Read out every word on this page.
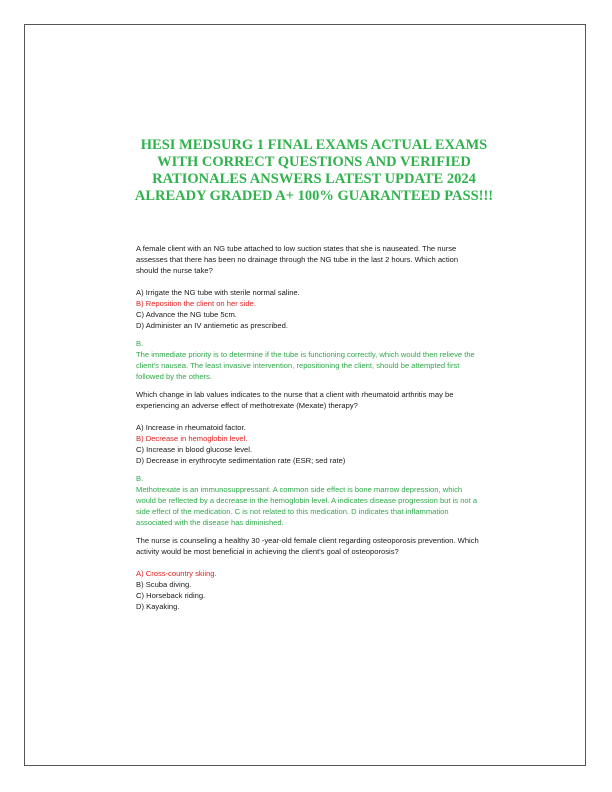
HESI MEDSURG 1 FINAL EXAMS ACTUAL EXAMS WITH CORRECT QUESTIONS AND VERIFIED RATIONALES ANSWERS LATEST UPDATE 2024 ALREADY GRADED A+ 100% GUARANTEED PASS!!!

A female client with an NG tube attached to low suction states that she is nauseated. The nurse assesses that there has been no drainage through the NG tube in the last 2 hours. Which action should the nurse take?

A) Irrigate the NG tube with sterile normal saline.
B) Reposition the client on her side.
C) Advance the NG tube 5cm.
D) Administer an IV antiemetic as prescribed.

B.

The immediate priority is to determine if the tube is functioning correctly, which would then relieve the client's nausea. The least invasive intervention, repositioning the client, should be attempted first followed by the others.

Which change in lab values indicates to the nurse that a client with rheumatoid arthritis may be experiencing an adverse effect of methotrexate (Mexate) therapy?

A) Increase in rheumatoid factor.
B) Decrease in hemoglobin level.
C) Increase in blood glucose level.
D) Decrease in erythrocyte sedimentation rate (ESR; sed rate)

B.

Methotrexate is an immunosuppressant. A common side effect is bone marrow depression, which would be reflected by a decrease in the hemoglobin level. A indicates disease progression but is not a side effect of the medication. C is not related to this medication. D indicates that inflammation associated with the disease has diminished.

The nurse is counseling a healthy 30 -year-old female client regarding osteoporosis prevention. Which activity would be most beneficial in achieving the client's goal of osteoporosis?

A) Cross-country skiing.
B) Scuba diving.
C) Horseback riding.
D) Kayaking.
